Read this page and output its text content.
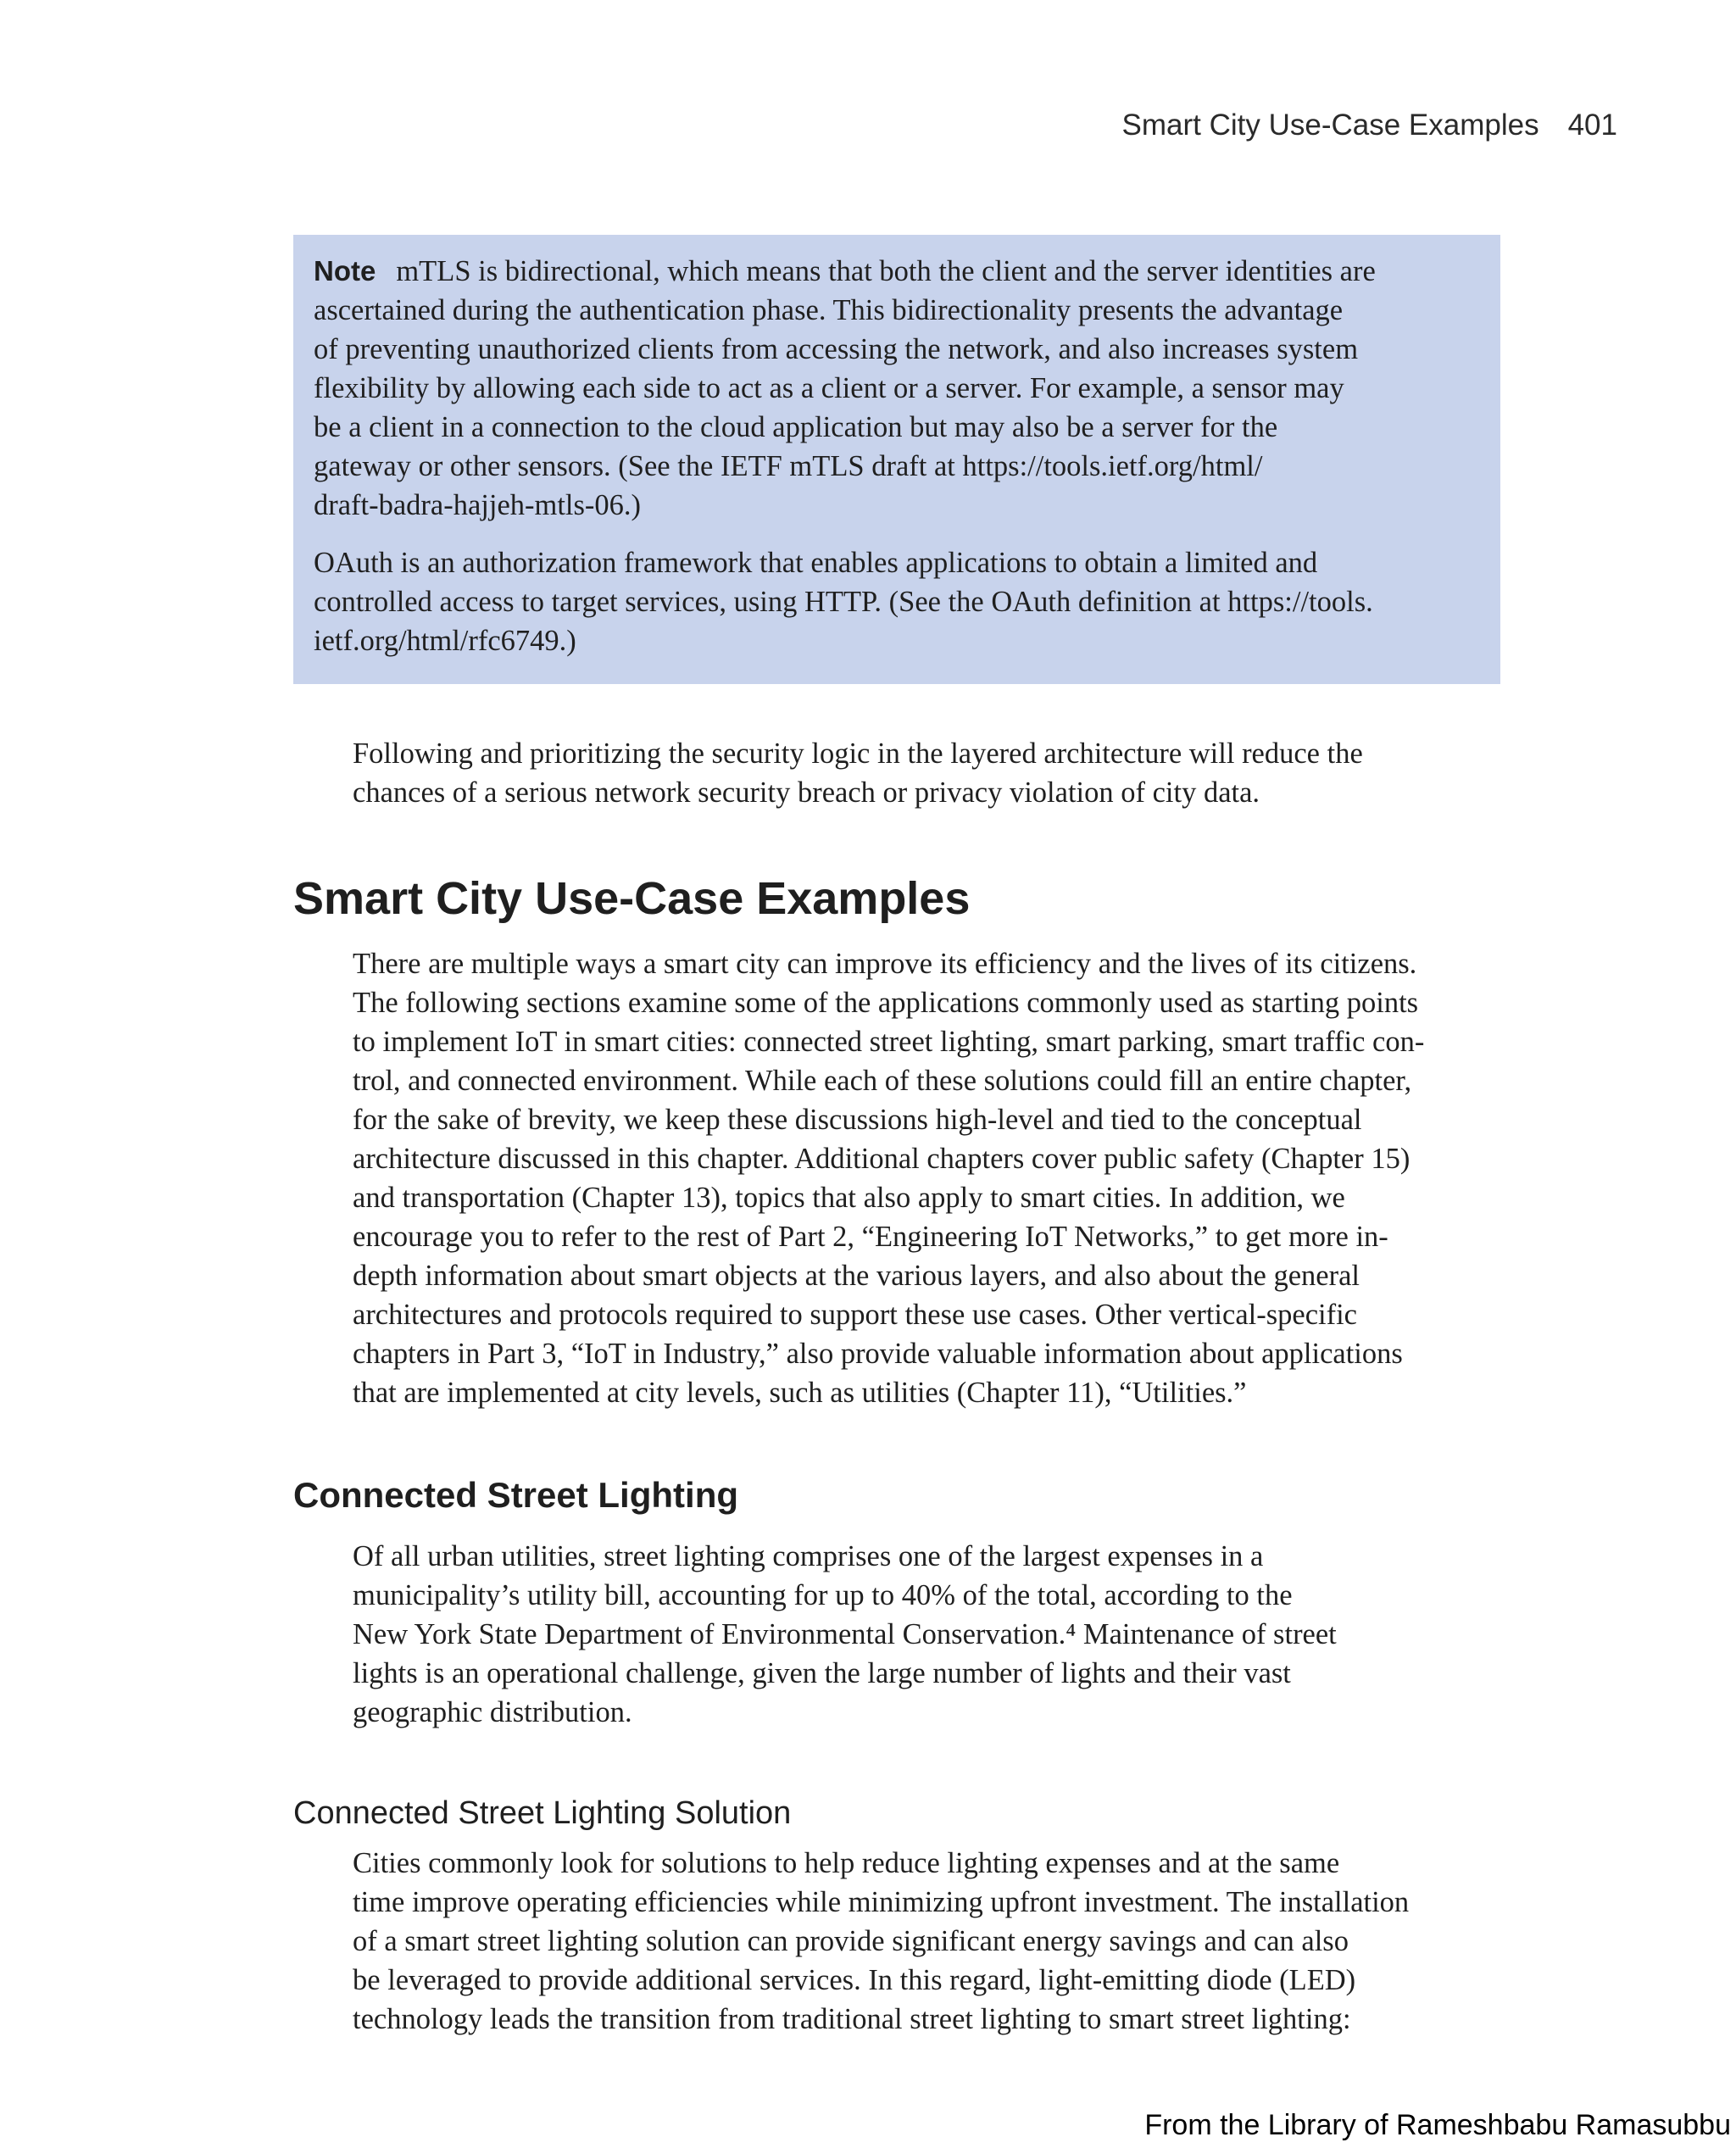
Smart City Use-Case Examples 401

Note mTLS is bidirectional, which means that both the client and the server identities are
ascertained during the authentication phase. This bidirectionality presents the advantage
of preventing unauthorized clients from accessing the network, and also increases system
flexibility by allowing each side to act as a client or a server. For example, a sensor may
be a client in a connection to the cloud application but may also be a server for the
gateway or other sensors. (See the IETF mTLS draft at https://tools.ietf.org/html/
draft-badra-hajjeh-mtls-06.)

OAuth is an authorization framework that enables applications to obtain a limited and
controlled access to target services, using HTTP. (See the OAuth definition at https://tools.
ietf.org/html/rfc6749.)

Following and prioritizing the security logic in the layered architecture will reduce the
chances of a serious network security breach or privacy violation of city data.
Smart City Use-Case Examples
There are multiple ways a smart city can improve its efficiency and the lives of its citizens.
The following sections examine some of the applications commonly used as starting points
to implement IoT in smart cities: connected street lighting, smart parking, smart traffic con-
trol, and connected environment. While each of these solutions could fill an entire chapter,
for the sake of brevity, we keep these discussions high-level and tied to the conceptual
architecture discussed in this chapter. Additional chapters cover public safety (Chapter 15)
and transportation (Chapter 13), topics that also apply to smart cities. In addition, we
encourage you to refer to the rest of Part 2, “Engineering IoT Networks,” to get more in-
depth information about smart objects at the various layers, and also about the general
architectures and protocols required to support these use cases. Other vertical-specific
chapters in Part 3, “IoT in Industry,” also provide valuable information about applications
that are implemented at city levels, such as utilities (Chapter 11), “Utilities.”
Connected Street Lighting
Of all urban utilities, street lighting comprises one of the largest expenses in a
municipality’s utility bill, accounting for up to 40% of the total, according to the
New York State Department of Environmental Conservation.⁴ Maintenance of street
lights is an operational challenge, given the large number of lights and their vast
geographic distribution.
Connected Street Lighting Solution
Cities commonly look for solutions to help reduce lighting expenses and at the same
time improve operating efficiencies while minimizing upfront investment. The installation
of a smart street lighting solution can provide significant energy savings and can also
be leveraged to provide additional services. In this regard, light-emitting diode (LED)
technology leads the transition from traditional street lighting to smart street lighting:
From the Library of Rameshbabu Ramasubbu
